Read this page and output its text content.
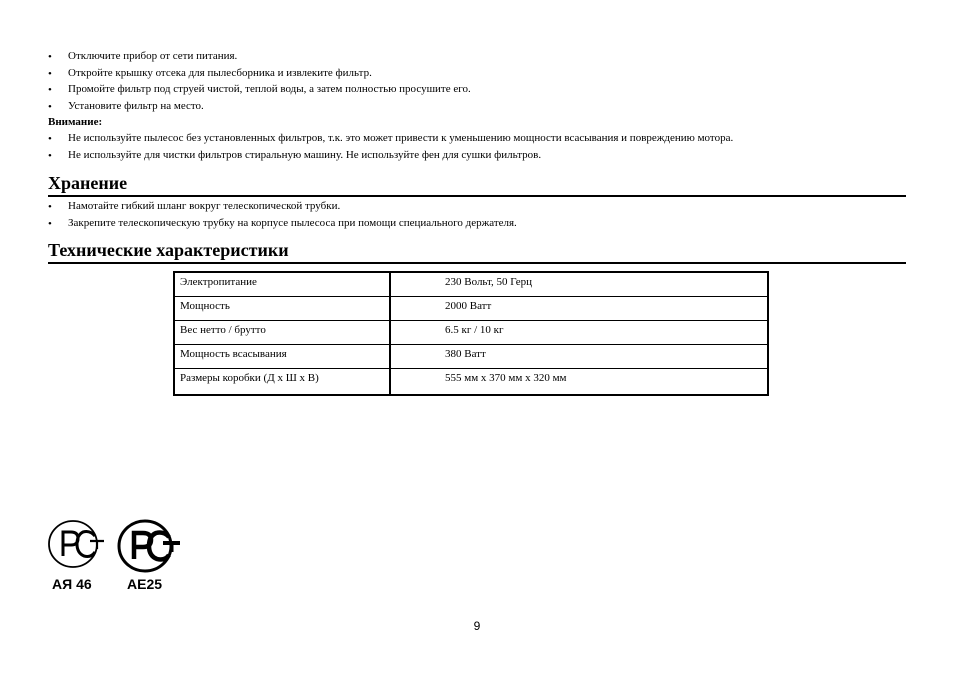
• Отключите прибор от сети питания.
• Откройте крышку отсека для пылесборника и извлеките фильтр.
• Промойте фильтр под струей чистой, теплой воды, а затем полностью просушите его.
• Установите фильтр на место.
Внимание:
• Не используйте пылесос без установленных фильтров, т.к. это может привести к уменьшению мощности всасывания и повреждению мотора.
• Не используйте для чистки фильтров стиральную машину. Не используйте фен для сушки фильтров.
Хранение
• Намотайте гибкий шланг вокруг телескопической трубки.
• Закрепите телескопическую трубку на корпусе пылесоса при помощи специального держателя.
Технические характеристики
Электропитание	230 Вольт, 50 Герц
Мощность	2000 Ватт
Вес нетто / брутто	6.5 кг / 10 кг
Мощность всасывания	380 Ватт
Размеры коробки (Д х Ш х В)	555 мм х 370 мм х 320 мм
АЯ 46	АЕ25
9
